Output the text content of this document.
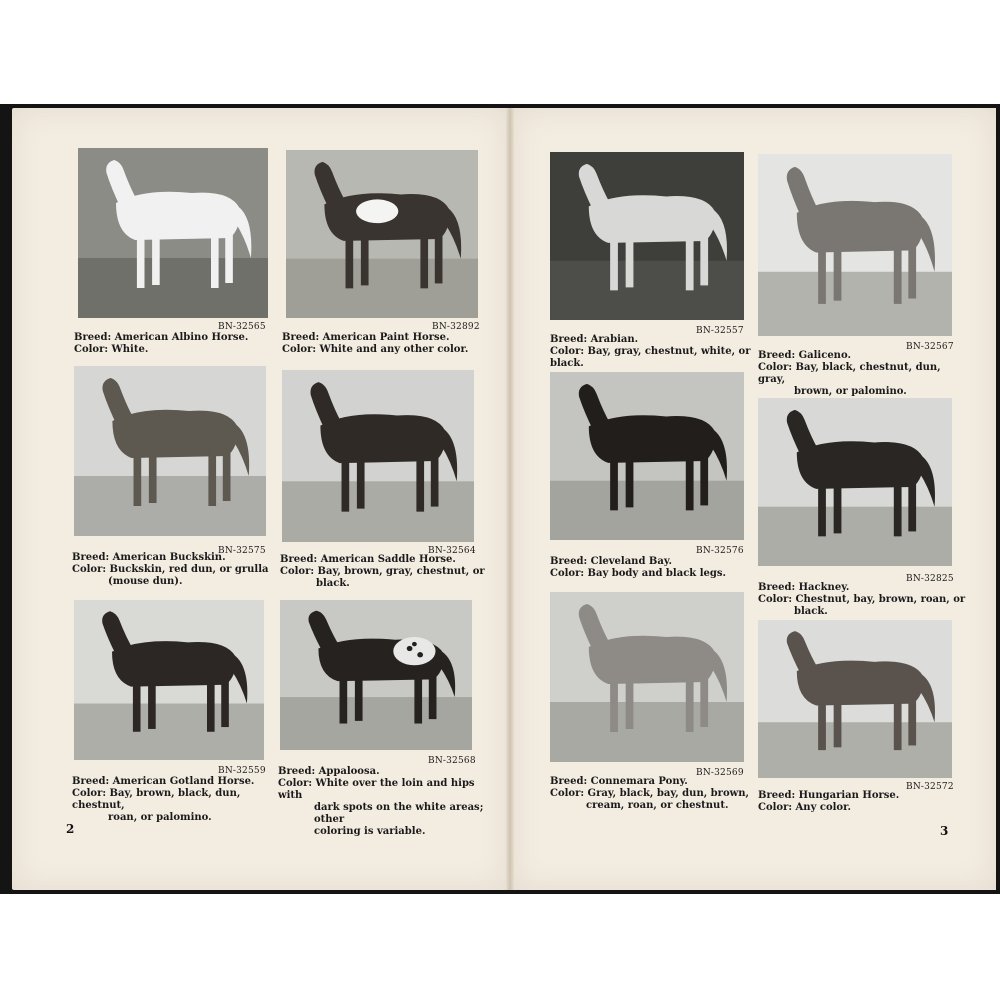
BN-32565
Breed: American Albino Horse.
Color: White.
BN-32892
Breed: American Paint Horse.
Color: White and any other color.
BN-32575
Breed: American Buckskin.
Color: Buckskin, red dun, or grulla
(mouse dun).
BN-32564
Breed: American Saddle Horse.
Color: Bay, brown, gray, chestnut, or
black.
BN-32559
Breed: American Gotland Horse.
Color: Bay, brown, black, dun, chestnut,
roan, or palomino.
BN-32568
Breed: Appaloosa.
Color: White over the loin and hips with
dark spots on the white areas; other
coloring is variable.
BN-32557
Breed: Arabian.
Color: Bay, gray, chestnut, white, or black.
BN-32567
Breed: Galiceno.
Color: Bay, black, chestnut, dun, gray,
brown, or palomino.
BN-32576
Breed: Cleveland Bay.
Color: Bay body and black legs.	BN-32825
Breed: Hackney.
Color: Chestnut, bay, brown, roan, or
black.
BN-32569
Breed: Connemara Pony.
Color: Gray, black, bay, dun, brown,
cream, roan, or chestnut.
BN-32572
Breed: Hungarian Horse.
Color: Any color.
2	3
